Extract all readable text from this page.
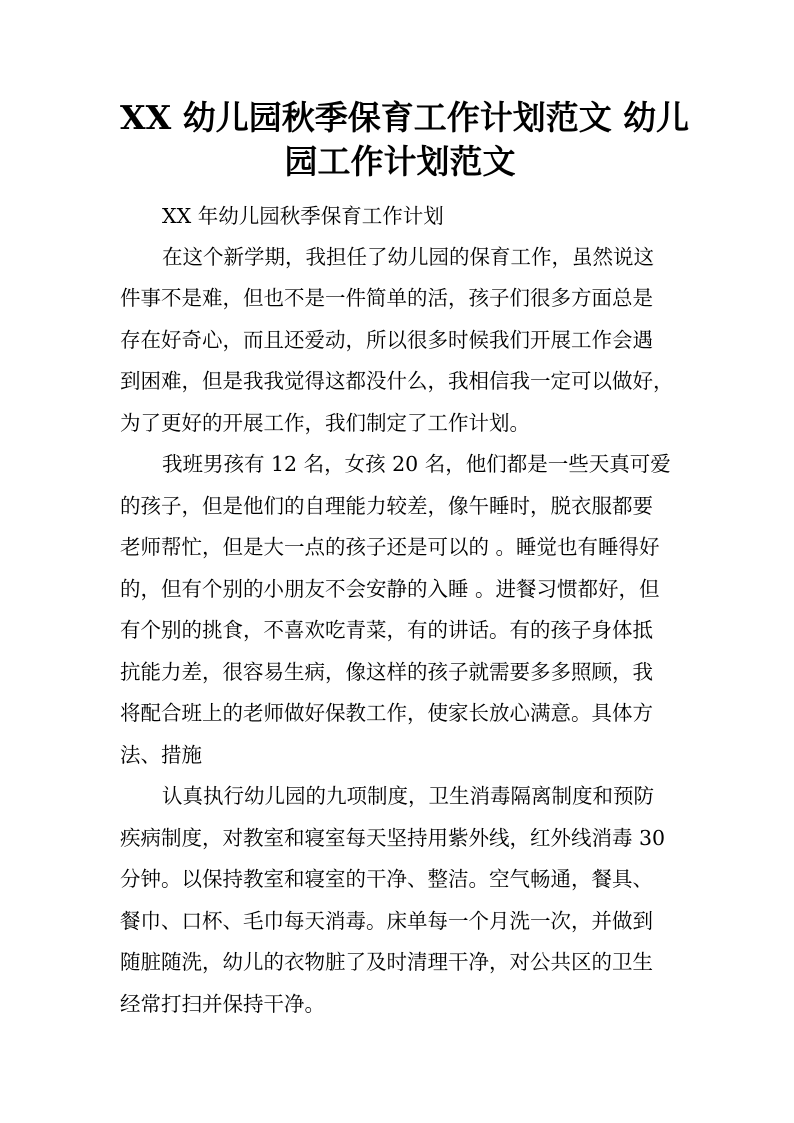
XX 幼儿园秋季保育工作计划范文 幼儿
园工作计划范文

XX 年幼儿园秋季保育工作计划

在这个新学期，我担任了幼儿园的保育工作，虽然说这

件事不是难，但也不是一件简单的活，孩子们很多方面总是

存在好奇心，而且还爱动，所以很多时候我们开展工作会遇

到困难，但是我我觉得这都没什么，我相信我一定可以做好，

为了更好的开展工作，我们制定了工作计划。

我班男孩有 12 名，女孩 20 名，他们都是一些天真可爱

的孩子，但是他们的自理能力较差，像午睡时，脱衣服都要

老师帮忙，但是大一点的孩子还是可以的 。睡觉也有睡得好

的，但有个别的小朋友不会安静的入睡 。进餐习惯都好，但

有个别的挑食，不喜欢吃青菜，有的讲话。有的孩子身体抵

抗能力差，很容易生病，像这样的孩子就需要多多照顾，我

将配合班上的老师做好保教工作，使家长放心满意。具体方

法、措施

认真执行幼儿园的九项制度，卫生消毒隔离制度和预防

疾病制度，对教室和寝室每天坚持用紫外线，红外线消毒 30

分钟。以保持教室和寝室的干净、整洁。空气畅通，餐具、

餐巾、口杯、毛巾每天消毒。床单每一个月洗一次，并做到

随脏随洗，幼儿的衣物脏了及时清理干净，对公共区的卫生

经常打扫并保持干净。
